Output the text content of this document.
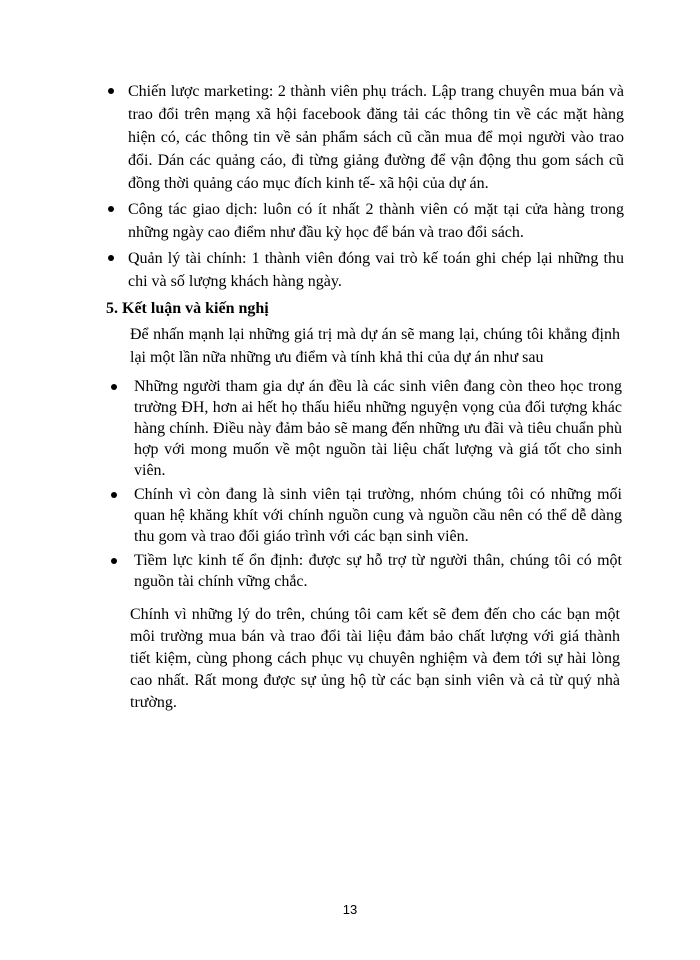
Chiến lược marketing: 2 thành viên phụ trách. Lập trang chuyên mua bán và trao đổi trên mạng xã hội facebook đăng tải các thông tin về các mặt hàng hiện có, các thông tin về sản phẩm sách cũ cần mua để mọi người vào trao đổi. Dán các quảng cáo, đi từng giảng đường để vận động thu gom sách cũ đồng thời quảng cáo mục đích kinh tế- xã hội của dự án.
Công tác giao dịch: luôn có ít nhất 2 thành viên có mặt tại cửa hàng trong những ngày cao điểm như đầu kỳ học để bán và trao đổi sách.
Quản lý tài chính: 1 thành viên đóng vai trò kế toán ghi chép lại những thu chi và số lượng khách hàng ngày.
5. Kết luận và kiến nghị

Để nhấn mạnh lại những giá trị mà dự án sẽ mang lại, chúng tôi khẳng định lại một lần nữa những ưu điểm và tính khả thi của dự án như sau

Những người tham gia dự án đều là các sinh viên đang còn theo học trong trường ĐH, hơn ai hết họ thấu hiểu những nguyện vọng của đối tượng khác hàng chính. Điều này đảm bảo sẽ mang đến những ưu đãi và tiêu chuẩn phù hợp với mong muốn về một nguồn tài liệu chất lượng và giá tốt cho sinh viên.
Chính vì còn đang là sinh viên tại trường, nhóm chúng tôi có những mối quan hệ khăng khít với chính nguồn cung và nguồn cầu nên có thể dễ dàng thu gom và trao đổi giáo trình với các bạn sinh viên.
Tiềm lực kinh tế ổn định: được sự hỗ trợ từ người thân, chúng tôi có một nguồn tài chính vững chắc.

Chính vì những lý do trên, chúng tôi cam kết sẽ đem đến cho các bạn một môi trường mua bán và trao đổi tài liệu đảm bảo chất lượng với giá thành tiết kiệm, cùng phong cách phục vụ chuyên nghiệm và đem tới sự hài lòng cao nhất. Rất mong được sự ủng hộ từ các bạn sinh viên và cả từ quý nhà trường.

13
